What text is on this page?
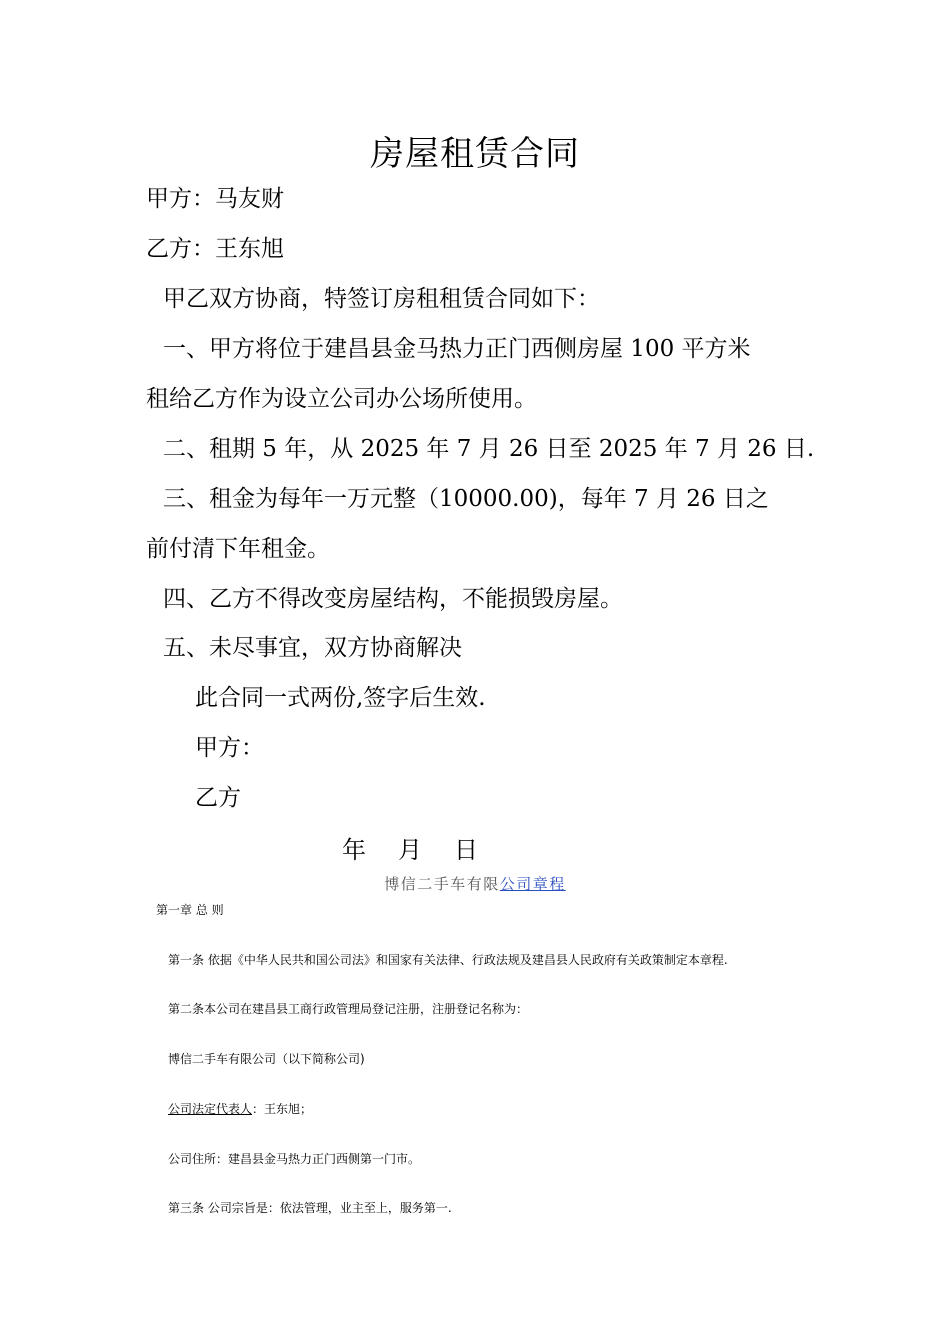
房屋租赁合同
甲方：马友财
乙方：王东旭
甲乙双方协商，特签订房租租赁合同如下：
一、甲方将位于建昌县金马热力正门西侧房屋 100 平方米
租给乙方作为设立公司办公场所使用。
二、租期 5 年，从 2025 年 7 月 26 日至 2025 年 7 月 26 日.
三、租金为每年一万元整（10000.00)，每年 7 月 26 日之
前付清下年租金。
四、乙方不得改变房屋结构，不能损毁房屋。
五、未尽事宜，双方协商解决
此合同一式两份,签字后生效.
甲方：
乙方
年 月 日
博信二手车有限公司章程
第一章 总 则
第一条 依据《中华人民共和国公司法》和国家有关法律、行政法规及建昌县人民政府有关政策制定本章程.
第二条本公司在建昌县工商行政管理局登记注册，注册登记名称为：
博信二手车有限公司（以下简称公司)
公司法定代表人：王东旭；
公司住所：建昌县金马热力正门西侧第一门市。
第三条 公司宗旨是：依法管理，业主至上，服务第一.
